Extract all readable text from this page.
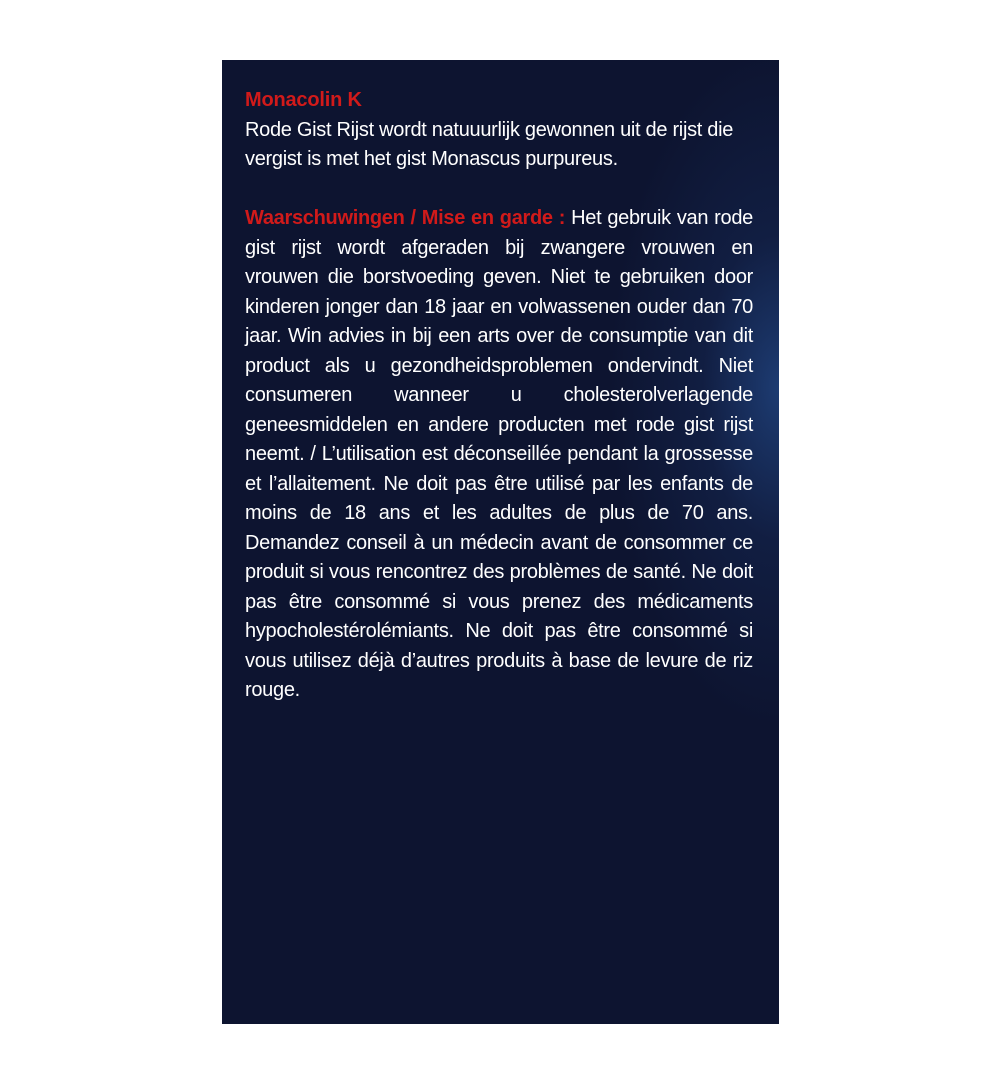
Monacolin K

Rode Gist Rijst wordt natuuurlijk gewonnen uit de rijst die vergist is met het gist Monascus purpureus.

Waarschuwingen / Mise en garde : Het gebruik van rode gist rijst wordt afgeraden bij zwangere vrouwen en vrouwen die borstvoeding geven. Niet te gebruiken door kinderen jonger dan 18 jaar en volwassenen ouder dan 70 jaar. Win advies in bij een arts over de consumptie van dit product als u gezondheidsproblemen ondervindt. Niet consumeren wanneer u cholesterolverlagende geneesmiddelen en andere producten met rode gist rijst neemt. / L’utilisation est déconseillée pendant la grossesse et l’allaitement. Ne doit pas être utilisé par les enfants de moins de 18 ans et les adultes de plus de 70 ans. Demandez conseil à un médecin avant de consommer ce produit si vous rencontrez des problèmes de santé. Ne doit pas être consommé si vous prenez des médicaments hypocholestérolémiants. Ne doit pas être consommé si vous utilisez déjà d’autres produits à base de levure de riz rouge.
